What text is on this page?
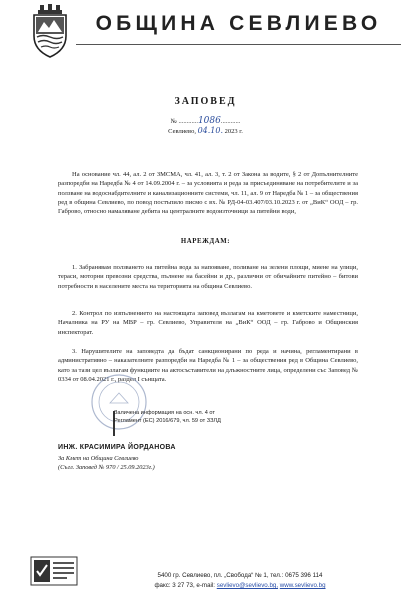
ОБЩИНА СЕВЛИЕВО
ЗАПОВЕД
№ ............1086............
Севлиево, 04.10. 2023 г.
На основание чл. 44, ал. 2 от ЗМСМА, чл. 41, ал. 3, т. 2 от Закона за водите, § 2 от Допълнителните разпоредби на Наредба № 4 от 14.09.2004 г. – за условията и реда за присъединяване на потребителите и за ползване на водоснабдителните и канализационните системи, чл. 11, ал. 9 от Наредба № 1 – за обществения ред в община Севлиево, по повод постъпило писмо с вх. № РД-04-03.407/03.10.2023 г. от „ВиК“ ООД – гр. Габрово, относно намаляване дебита на централните водоизточници за питейни води,
НАРЕЖДАМ:
1. Забранявам ползването на питейна вода за напояване, поливане на зелени площи, миене на улици, тераси, моторни превозни средства, пълнене на басейни и др., различни от обичайните питейно – битови потребности в населените места на територията на община Севлиево.
2. Контрол по изпълнението на настоящата заповед възлагам на кметовете и кметските наместници, Началника на РУ на МВР – гр. Севлиево, Управителя на „ВиК“ ООД – гр. Габрово и Общинския инспекторат.
3. Нарушителите на заповедта да бъдат санкционирани по реда и начина, регламентирани в административно – наказателните разпоредби на Наредба № 1 – за обществения ред в Община Севлиево, като за тази цел възлагам функциите на актосъставители на длъжностните лица, определени със Заповед № 0334 от 08.04.2021 г., раздел I сънщата.
Заличена информация на осн. чл. 4 от
Регламент (ЕС) 2016/679, чл. 59 от ЗЗЛД
ИНЖ. КРАСИМИРА ЙОРДАНОВА
За Кмет на Община Севлиево
(Съгл. Заповед № 970 / 25.09.2023г.)
5400 гр. Севлиево, пл. „Свобода“ № 1, тел.: 0675 396 114
факс: 3 27 73, e-mail: sevlievo@sevlievo.bg, www.sevlievo.bg
